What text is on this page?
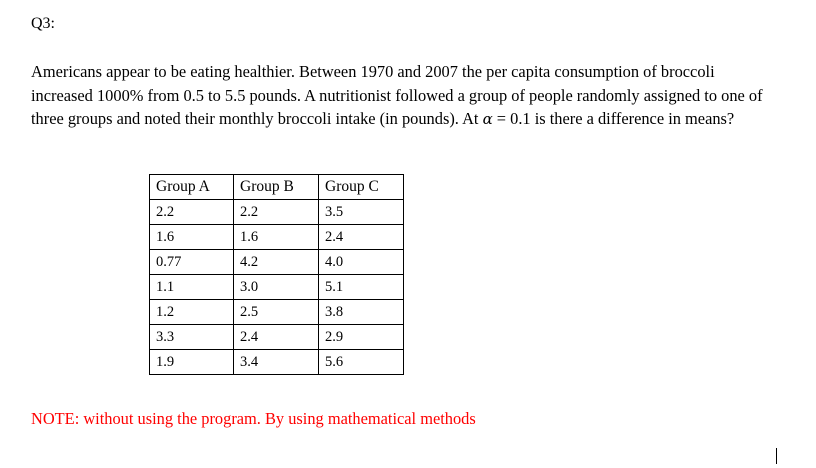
Q3:

Americans appear to be eating healthier. Between 1970 and 2007 the per capita consumption of broccoli increased 1000% from 0.5 to 5.5 pounds. A nutritionist followed a group of people randomly assigned to one of three groups and noted their monthly broccoli intake (in pounds). At α = 0.1 is there a difference in means?

Group A	Group B	Group C
2.2	2.2	3.5
1.6	1.6	2.4
0.77	4.2	4.0
1.1	3.0	5.1
1.2	2.5	3.8
3.3	2.4	2.9
1.9	3.4	5.6
NOTE: without using the program. By using mathematical methods
